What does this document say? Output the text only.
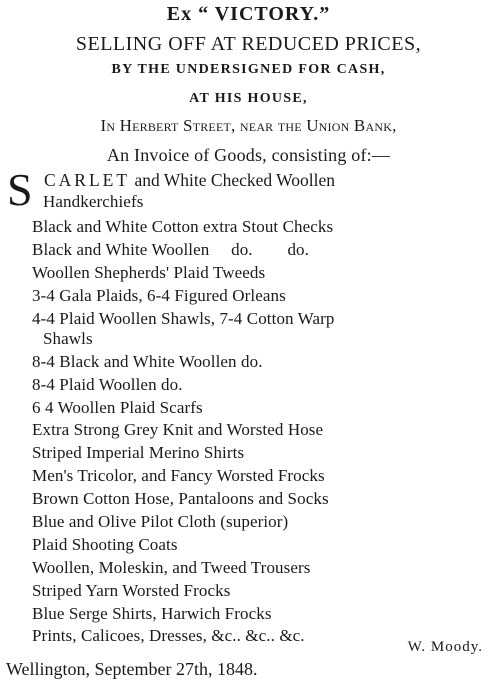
Ex “ VICTORY.”
SELLING OFF AT REDUCED PRICES,
BY THE UNDERSIGNED FOR CASH,
AT HIS HOUSE,
In Herbert Street, near the Union Bank,
An Invoice of Goods, consisting of:—
S CARLET and White Checked Woollen
Handkerchiefs
Black and White Cotton extra Stout Checks
Black and White Woollen     do.        do.
Woollen Shepherds' Plaid Tweeds
3-4 Gala Plaids, 6-4 Figured Orleans
4-4 Plaid Woollen Shawls, 7-4 Cotton Warp
Shawls
8-4 Black and White Woollen do.
8-4 Plaid Woollen do.
6 4 Woollen Plaid Scarfs
Extra Strong Grey Knit and Worsted Hose
Striped Imperial Merino Shirts
Men's Tricolor, and Fancy Worsted Frocks
Brown Cotton Hose, Pantaloons and Socks
Blue and Olive Pilot Cloth (superior)
Plaid Shooting Coats
Woollen, Moleskin, and Tweed Trousers
Striped Yarn Worsted Frocks
Blue Serge Shirts, Harwich Frocks
Prints, Calicoes, Dresses, &c.. &c.. &c.
W. Moody.
Wellington, September 27th, 1848.
